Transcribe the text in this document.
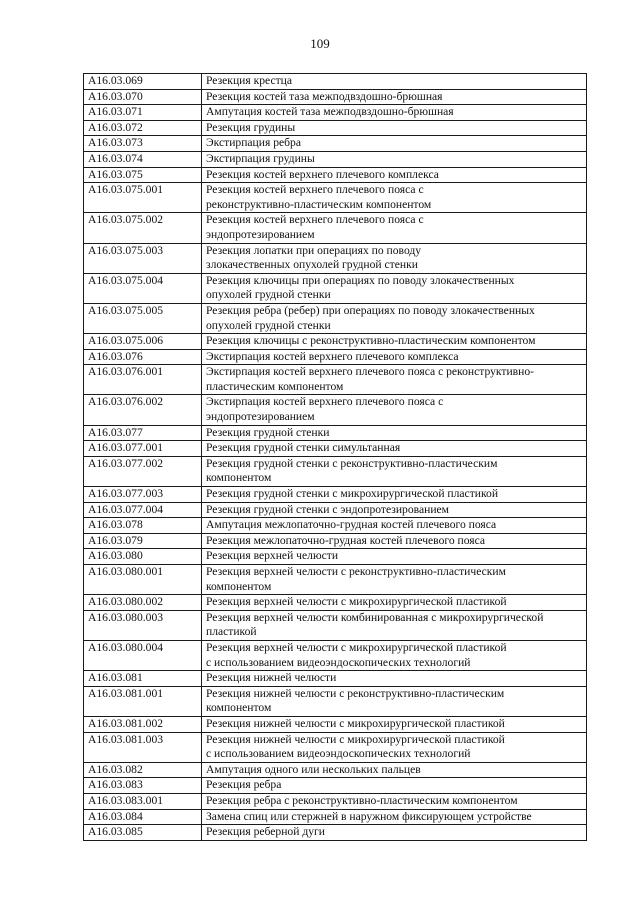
109
A16.03.069	Резекция крестца

A16.03.070	Резекция костей таза межподвздошно-брюшная

A16.03.071	Ампутация костей таза межподвздошно-брюшная

A16.03.072	Резекция грудины

A16.03.073	Экстирпация ребра

A16.03.074	Экстирпация грудины

A16.03.075	Резекция костей верхнего плечевого комплекса

A16.03.075.001	Резекция костей верхнего плечевого пояса с
реконструктивно-пластическим компонентом

A16.03.075.002	Резекция костей верхнего плечевого пояса с
эндопротезированием

A16.03.075.003	Резекция лопатки при операциях по поводу
злокачественных опухолей грудной стенки

A16.03.075.004	Резекция ключицы при операциях по поводу злокачественных
опухолей грудной стенки

A16.03.075.005	Резекция ребра (ребер) при операциях по поводу злокачественных
опухолей грудной стенки

A16.03.075.006	Резекция ключицы с реконструктивно-пластическим компонентом

A16.03.076	Экстирпация костей верхнего плечевого комплекса

A16.03.076.001	Экстирпация костей верхнего плечевого пояса с реконструктивно-
пластическим компонентом

A16.03.076.002	Экстирпация костей верхнего плечевого пояса с
эндопротезированием

A16.03.077	Резекция грудной стенки

A16.03.077.001	Резекция грудной стенки симультанная

A16.03.077.002	Резекция грудной стенки с реконструктивно-пластическим
компонентом

A16.03.077.003	Резекция грудной стенки с микрохирургической пластикой

A16.03.077.004	Резекция грудной стенки с эндопротезированием

A16.03.078	Ампутация межлопаточно-грудная костей плечевого пояса

A16.03.079	Резекция межлопаточно-грудная костей плечевого пояса

A16.03.080	Резекция верхней челюсти

A16.03.080.001	Резекция верхней челюсти с реконструктивно-пластическим
компонентом

A16.03.080.002	Резекция верхней челюсти с микрохирургической пластикой

A16.03.080.003	Резекция верхней челюсти комбинированная с микрохирургической
пластикой

A16.03.080.004	Резекция верхней челюсти с микрохирургической пластикой
с использованием видеоэндоскопических технологий

A16.03.081	Резекция нижней челюсти

A16.03.081.001	Резекция нижней челюсти с реконструктивно-пластическим
компонентом

A16.03.081.002	Резекция нижней челюсти с микрохирургической пластикой

A16.03.081.003	Резекция нижней челюсти с микрохирургической пластикой
с использованием видеоэндоскопических технологий

A16.03.082	Ампутация одного или нескольких пальцев

A16.03.083	Резекция ребра

A16.03.083.001	Резекция ребра с реконструктивно-пластическим компонентом

A16.03.084	Замена спиц или стержней в наружном фиксирующем устройстве

A16.03.085	Резекция реберной дуги
